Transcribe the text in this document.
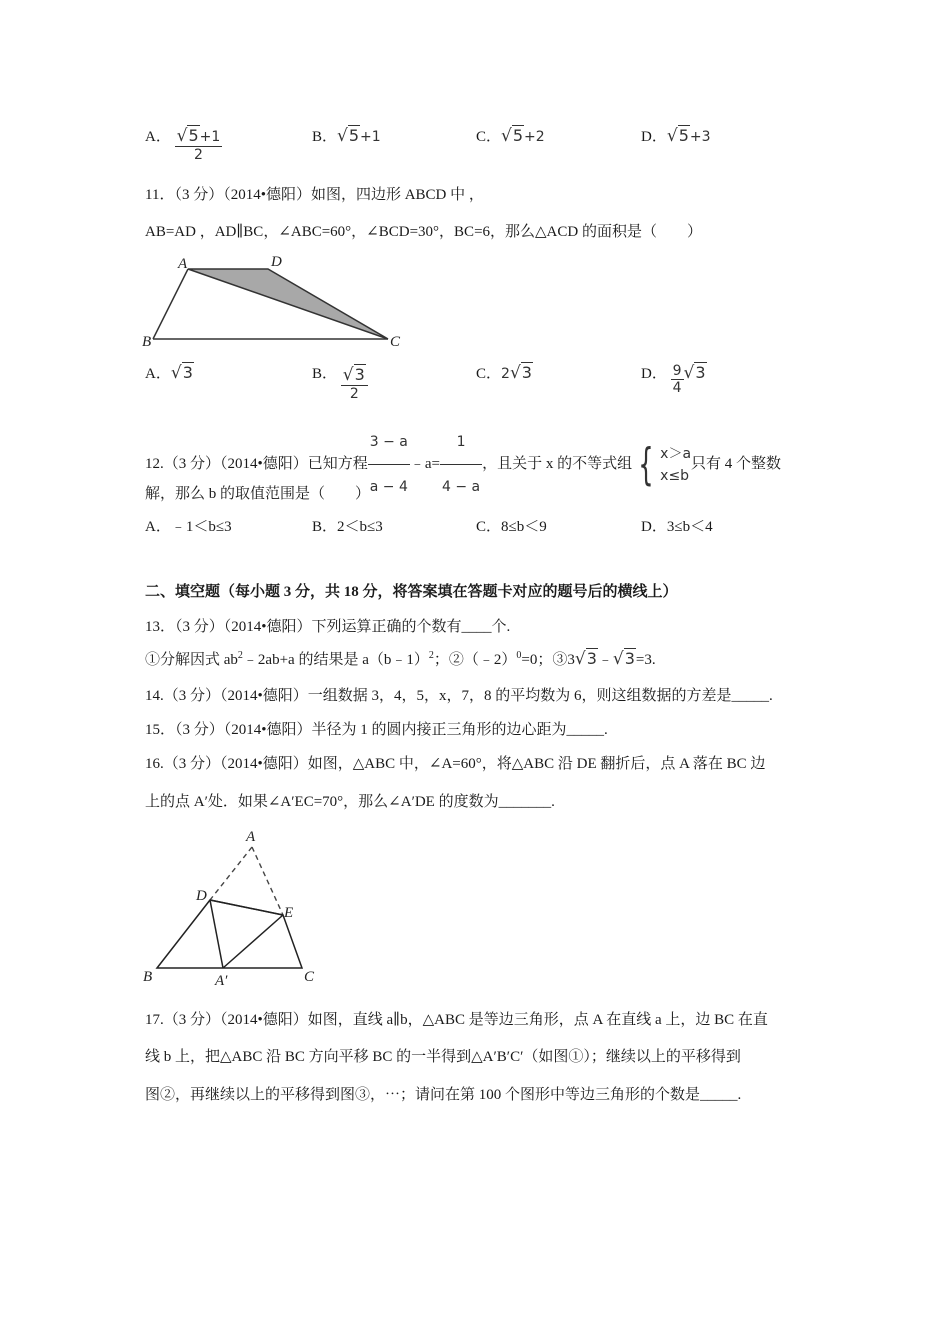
A． $\frac{√5+1}{2}$	B．√5+1	C．√5+2	D．√5+3
11．（3 分）（2014•德阳）如图，四边形 ABCD 中 ，
AB=AD ，AD∥BC，∠ABC=60°，∠BCD=30°，BC=6，那么△ACD 的面积是（　　）
A	D
B	C
A．√3	B． $\frac{√3}{2}$	C．2√3	D． $\frac{9}{4} √3$
12.（3 分）（2014•德阳）已知方程 $\frac{3 - a}{a - 4}$ ﹣a= $\frac{1}{4 - a}$ ，且关于 x 的不等式组 { x＞a
x≤b
只有 4 个整数
解，那么 b 的取值范围是（　　）
A．﹣1＜b≤3	B．2＜b≤3	C．8≤b＜9	D．3≤b＜4
二、填空题（每小题 3 分，共 18 分，将答案填在答题卡对应的题号后的横线上）
13．（3 分）（2014•德阳）下列运算正确的个数有____个.
①分解因式 $ab^2﹣2ab+a$ 的结果是 a（b﹣1）$^2$；②（﹣2）$^0$=0；③3√3﹣√3=3.
14.（3 分）（2014•德阳）一组数据 3，4，5，x，7，8 的平均数为 6，则这组数据的方差是_____.
15．（3 分）（2014•德阳）半径为 1 的圆内接正三角形的边心距为_____.
16.（3 分）（2014•德阳）如图，△ABC 中，∠A=60°，将△ABC 沿 DE 翻折后，点 A 落在 BC 边
上的点 A′处．如果∠A′EC=70°，那么∠A′DE 的度数为_______.
A
D
E
B	A′	C
17.（3 分）（2014•德阳）如图，直线 a∥b，△ABC 是等边三角形，点 A 在直线 a 上，边 BC 在直
线 b 上，把△ABC 沿 BC 方向平移 BC 的一半得到△A′B′C′（如图①）；继续以上的平移得到
图②，再继续以上的平移得到图③，⋯；请问在第 100 个图形中等边三角形的个数是_____.
